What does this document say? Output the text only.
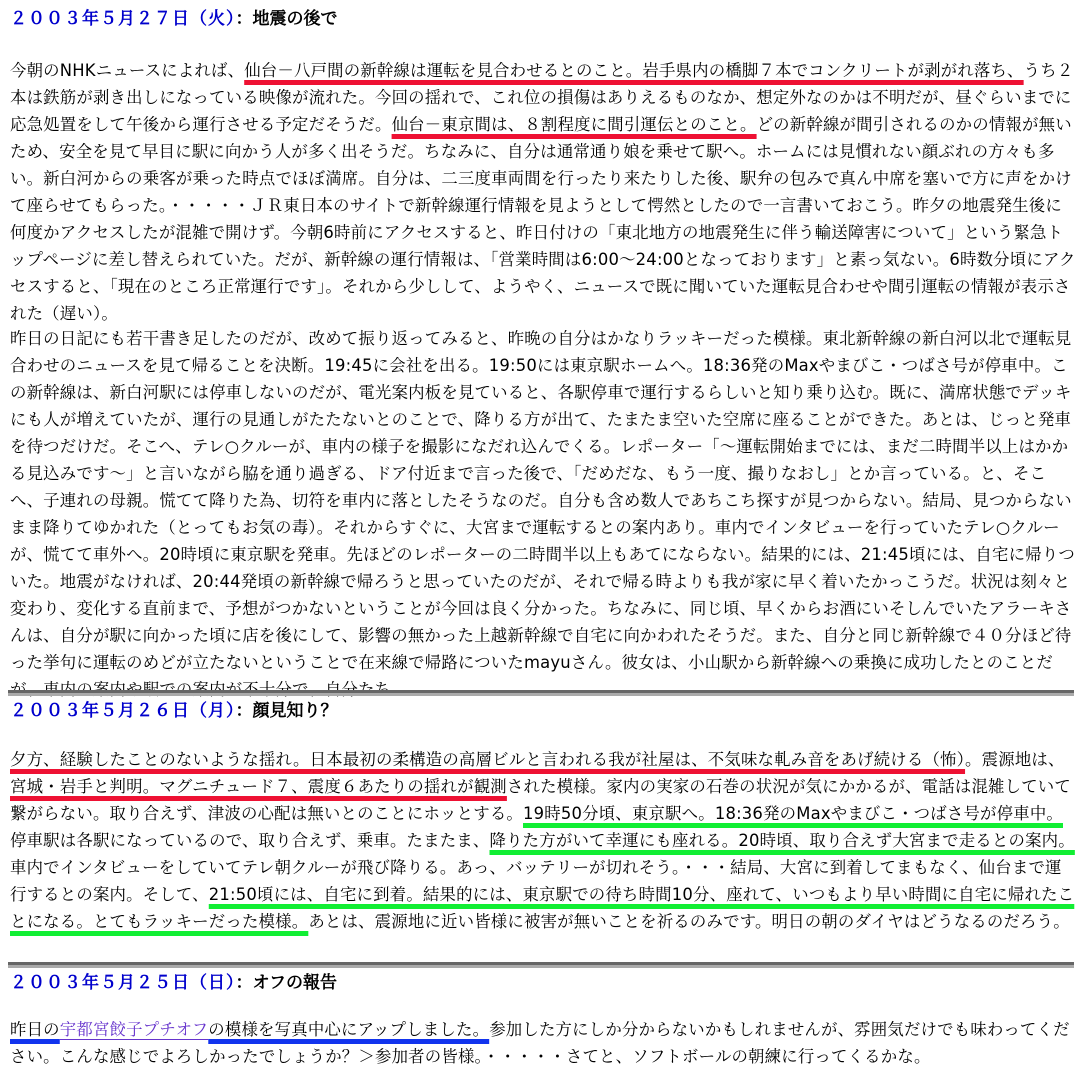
２００３年５月２７日（火）：地震の後で

今朝のNHKニュースによれば、仙台－八戸間の新幹線は運転を見合わせるとのこと。岩手県内の橋脚７本でコンクリートが剥がれ落ち、うち２本は鉄筋が剥き出しになっている映像が流れた。今回の揺れで、これ位の損傷はありえるものなか、想定外なのかは不明だが、昼ぐらいまでに応急処置をして午後から運行させる予定だそうだ。仙台－東京間は、８割程度に間引運伝とのこと。どの新幹線が間引されるのかの情報が無いため、安全を見て早目に駅に向かう人が多く出そうだ。ちなみに、自分は通常通り娘を乗せて駅へ。ホームには見慣れない顔ぶれの方々も多い。新白河からの乗客が乗った時点でほぼ満席。自分は、二三度車両間を行ったり来たりした後、駅弁の包みで真ん中席を塞いで方に声をかけて座らせてもらった。・・・・・ＪＲ東日本のサイトで新幹線運行情報を見ようとして愕然としたので一言書いておこう。昨夕の地震発生後に何度かアクセスしたが混雑で開けず。今朝6時前にアクセスすると、昨日付けの「東北地方の地震発生に伴う輸送障害について」という緊急トップページに差し替えられていた。だが、新幹線の運行情報は、「営業時間は6:00～24:00となっております」と素っ気ない。6時数分頃にアクセスすると、「現在のところ正常運行です」。それから少しして、ようやく、ニュースで既に聞いていた運転見合わせや間引運転の情報が表示された（遅い）。

昨日の日記にも若干書き足したのだが、改めて振り返ってみると、昨晩の自分はかなりラッキーだった模様。東北新幹線の新白河以北で運転見合わせのニュースを見て帰ることを決断。19:45に会社を出る。19:50には東京駅ホームへ。18:36発のMaxやまびこ・つばさ号が停車中。この新幹線は、新白河駅には停車しないのだが、電光案内板を見ていると、各駅停車で運行するらしいと知り乗り込む。既に、満席状態でデッキにも人が増えていたが、運行の見通しがたたないとのことで、降りる方が出て、たまたま空いた空席に座ることができた。あとは、じっと発車を待つだけだ。そこへ、テレ○クルーが、車内の様子を撮影になだれ込んでくる。レポーター「～運転開始までには、まだ二時間半以上はかかる見込みです～」と言いながら脇を通り過ぎる、ドア付近まで言った後で、「だめだな、もう一度、撮りなおし」とか言っている。と、そこへ、子連れの母親。慌てて降りた為、切符を車内に落としたそうなのだ。自分も含め数人であちこち探すが見つからない。結局、見つからないまま降りてゆかれた（とってもお気の毒）。それからすぐに、大宮まで運転するとの案内あり。車内でインタビューを行っていたテレ○クルーが、慌てて車外へ。20時頃に東京駅を発車。先ほどのレポーターの二時間半以上もあてにならない。結果的には、21:45頃には、自宅に帰りついた。地震がなければ、20:44発頃の新幹線で帰ろうと思っていたのだが、それで帰る時よりも我が家に早く着いたかっこうだ。状況は刻々と変わり、変化する直前まで、予想がつかないということが今回は良く分かった。ちなみに、同じ頃、早くからお酒にいそしんでいたアラーキさんは、自分が駅に向かった頃に店を後にして、影響の無かった上越新幹線で自宅に向かわれたそうだ。また、自分と同じ新幹線で４０分ほど待った挙句に運転のめどが立たないということで在来線で帰路についたmayuさん。彼女は、小山駅から新幹線への乗換に成功したとのことだが、車内の案内や駅での案内が不十分で、自分たち

２００３年５月２６日（月）：顔見知り？

夕方、経験したことのないような揺れ。日本最初の柔構造の高層ビルと言われる我が社屋は、不気味な軋み音をあげ続ける（怖）。震源地は、宮城・岩手と判明。マグニチュード７、震度６あたりの揺れが観測された模様。家内の実家の石巻の状況が気にかかるが、電話は混雑していて繋がらない。取り合えず、津波の心配は無いとのことにホッとする。19時50分頃、東京駅へ。18:36発のMaxやまびこ・つばさ号が停車中。停車駅は各駅になっているので、取り合えず、乗車。たまたま、降りた方がいて幸運にも座れる。20時頃、取り合えず大宮まで走るとの案内。車内でインタビューをしていてテレ朝クルーが飛び降りる。あっ、バッテリーが切れそう。・・・結局、大宮に到着してまもなく、仙台まで運行するとの案内。そして、21:50頃には、自宅に到着。結果的には、東京駅での待ち時間10分、座れて、いつもより早い時間に自宅に帰れたことになる。とてもラッキーだった模様。あとは、震源地に近い皆様に被害が無いことを祈るのみです。明日の朝のダイヤはどうなるのだろう。

２００３年５月２５日（日）：オフの報告

昨日の宇都宮餃子プチオフの模様を写真中心にアップしました。参加した方にしか分からないかもしれませんが、雰囲気だけでも味わってください。こんな感じでよろしかったでしょうか？＞参加者の皆様。・・・・・さてと、ソフトボールの朝練に行ってくるかな。
